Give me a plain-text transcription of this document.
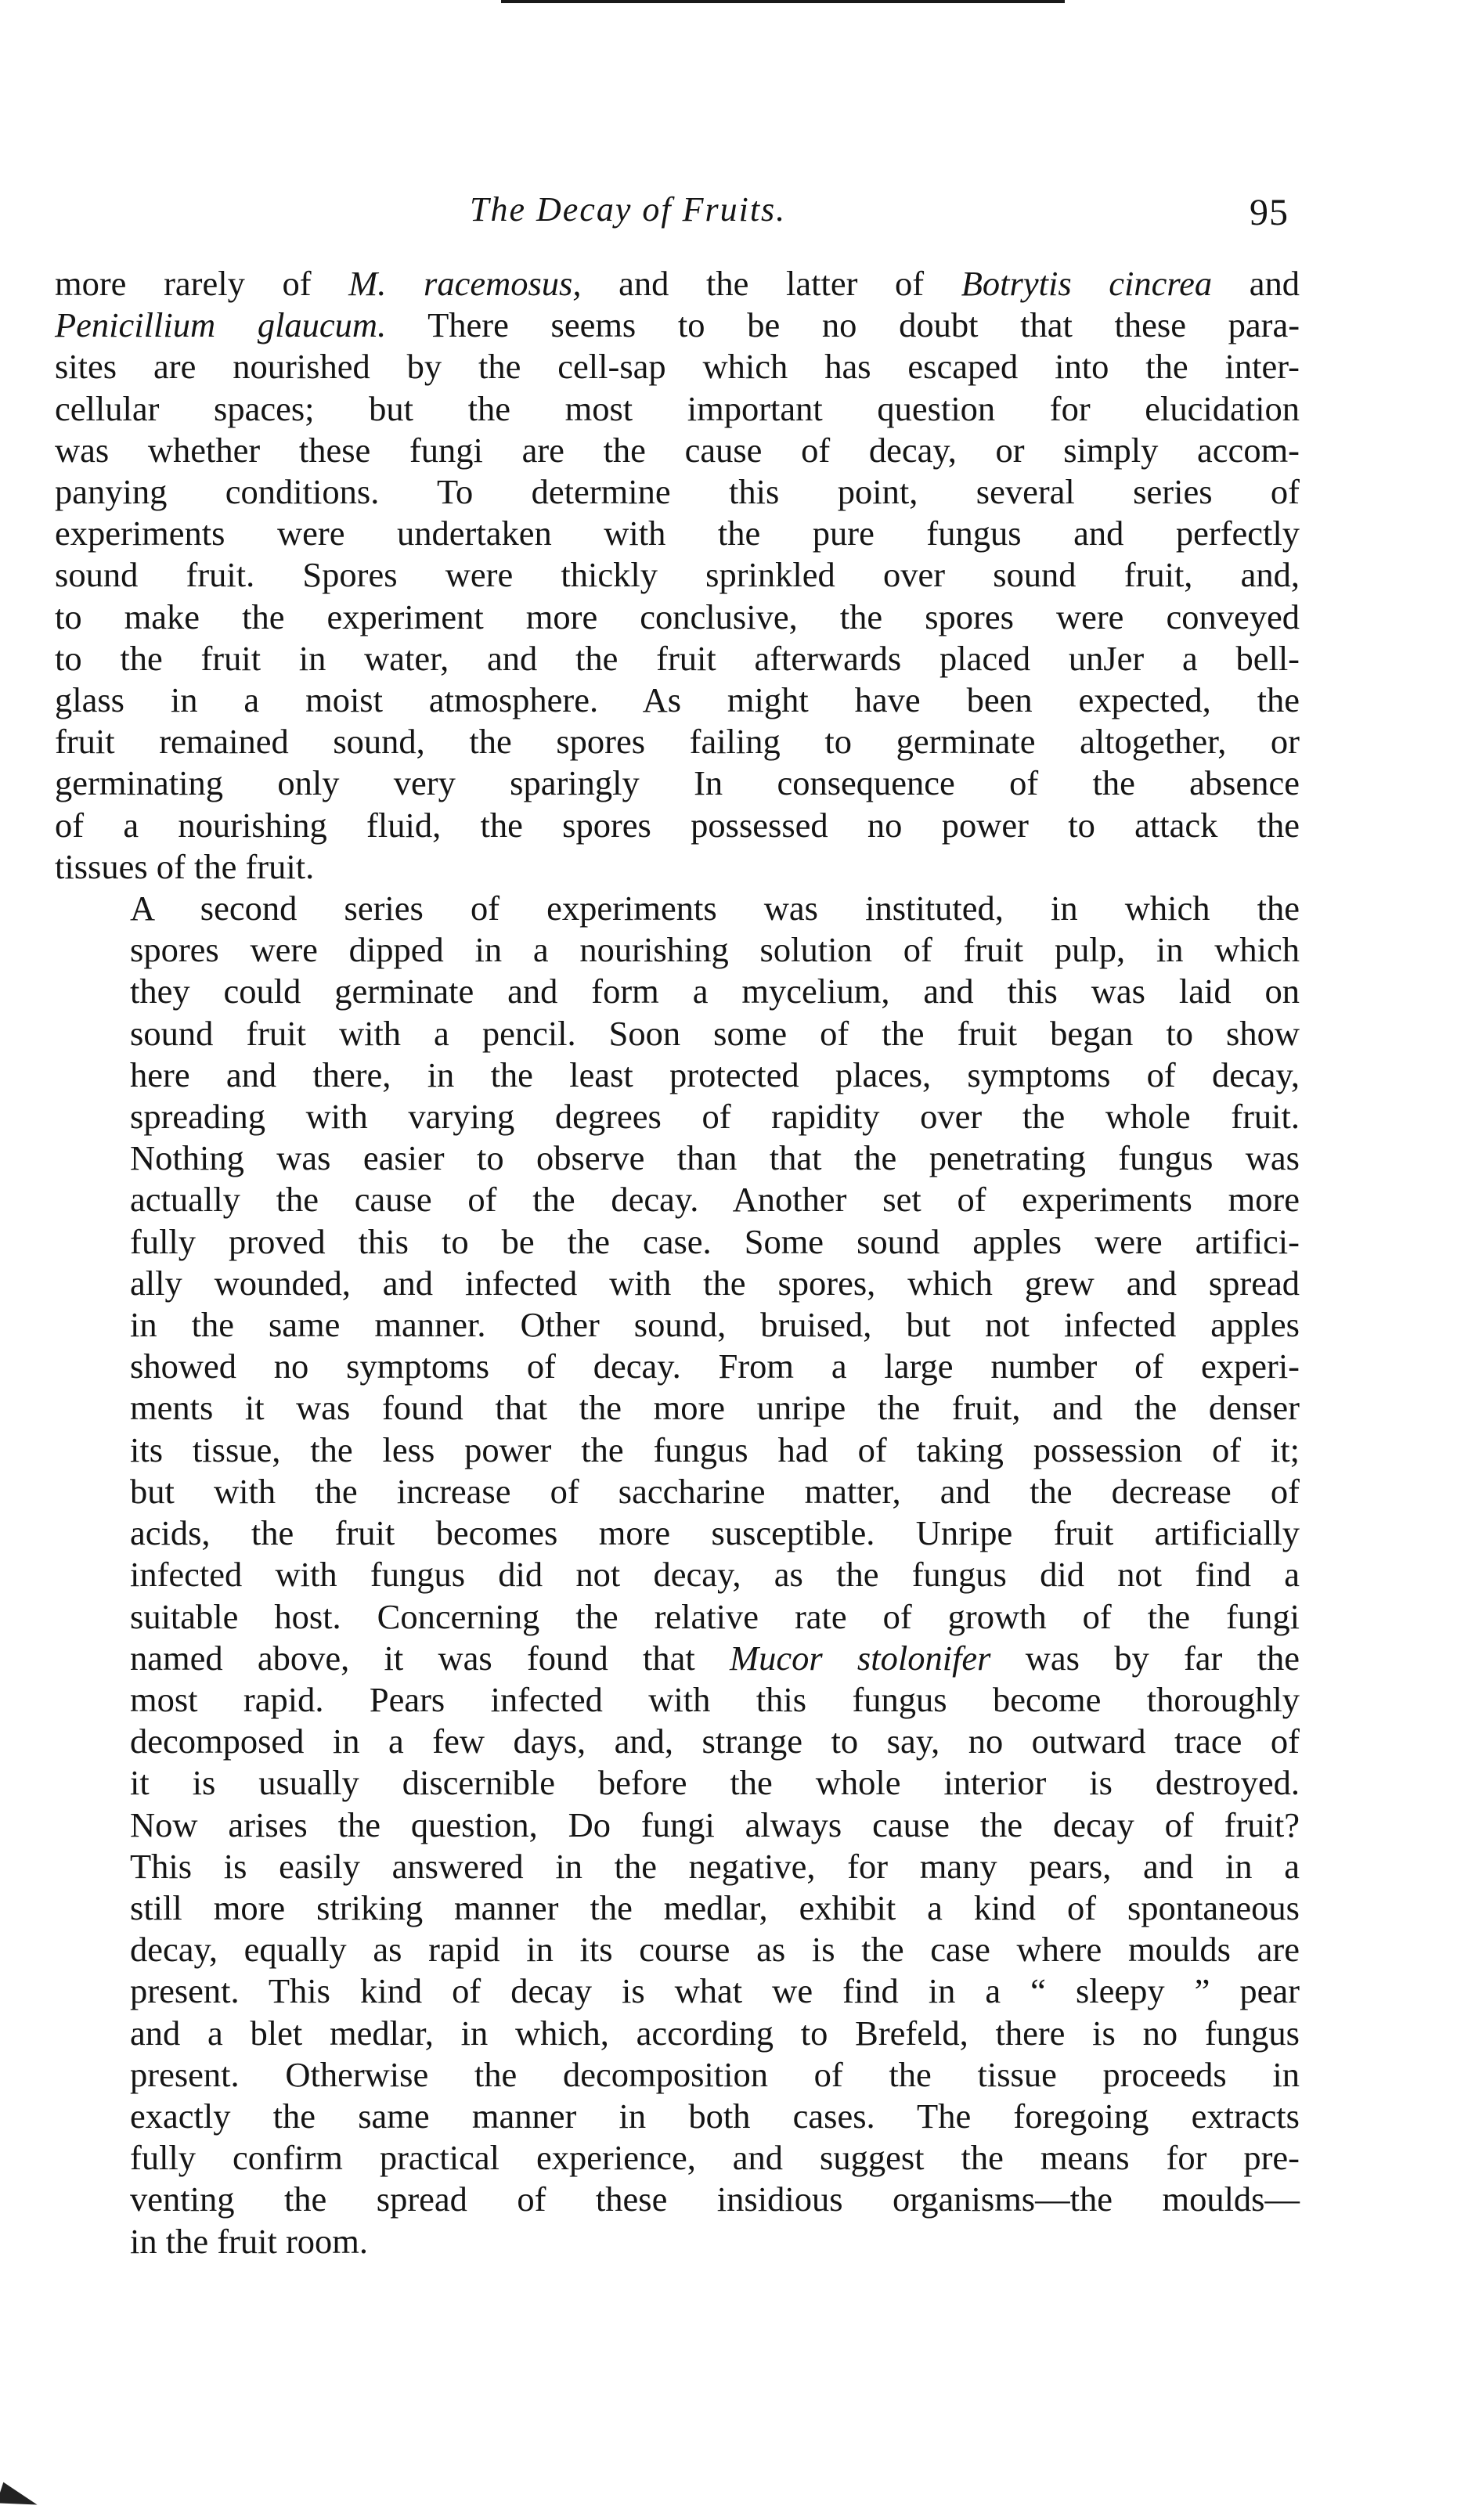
The Decay of Fruits.	95

more rarely of M. racemosus, and the latter of Botrytis cincrea and
Penicillium glaucum. There seems to be no doubt that these para-
sites are nourished by the cell-sap which has escaped into the inter-
cellular spaces; but the most important question for elucidation
was whether these fungi are the cause of decay, or simply accom-
panying conditions. To determine this point, several series of
experiments were undertaken with the pure fungus and perfectly
sound fruit. Spores were thickly sprinkled over sound fruit, and,
to make the experiment more conclusive, the spores were conveyed
to the fruit in water, and the fruit afterwards placed unJer a bell-
glass in a moist atmosphere. As might have been expected, the
fruit remained sound, the spores failing to germinate altogether, or
germinating only very sparingly In consequence of the absence
of a nourishing fluid, the spores possessed no power to attack the
tissues of the fruit.

A second series of experiments was instituted, in which the
spores were dipped in a nourishing solution of fruit pulp, in which
they could germinate and form a mycelium, and this was laid on
sound fruit with a pencil. Soon some of the fruit began to show
here and there, in the least protected places, symptoms of decay,
spreading with varying degrees of rapidity over the whole fruit.
Nothing was easier to observe than that the penetrating fungus was
actually the cause of the decay. Another set of experiments more
fully proved this to be the case. Some sound apples were artifici-
ally wounded, and infected with the spores, which grew and spread
in the same manner. Other sound, bruised, but not infected apples
showed no symptoms of decay. From a large number of experi-
ments it was found that the more unripe the fruit, and the denser
its tissue, the less power the fungus had of taking possession of it;
but with the increase of saccharine matter, and the decrease of
acids, the fruit becomes more susceptible. Unripe fruit artificially
infected with fungus did not decay, as the fungus did not find a
suitable host. Concerning the relative rate of growth of the fungi
named above, it was found that Mucor stolonifer was by far the
most rapid. Pears infected with this fungus become thoroughly
decomposed in a few days, and, strange to say, no outward trace of
it is usually discernible before the whole interior is destroyed.
Now arises the question, Do fungi always cause the decay of fruit?
This is easily answered in the negative, for many pears, and in a
still more striking manner the medlar, exhibit a kind of spontaneous
decay, equally as rapid in its course as is the case where moulds are
present. This kind of decay is what we find in a “ sleepy ” pear
and a blet medlar, in which, according to Brefeld, there is no fungus
present. Otherwise the decomposition of the tissue proceeds in
exactly the same manner in both cases. The foregoing extracts
fully confirm practical experience, and suggest the means for pre-
venting the spread of these insidious organisms—the moulds—
in the fruit room.
